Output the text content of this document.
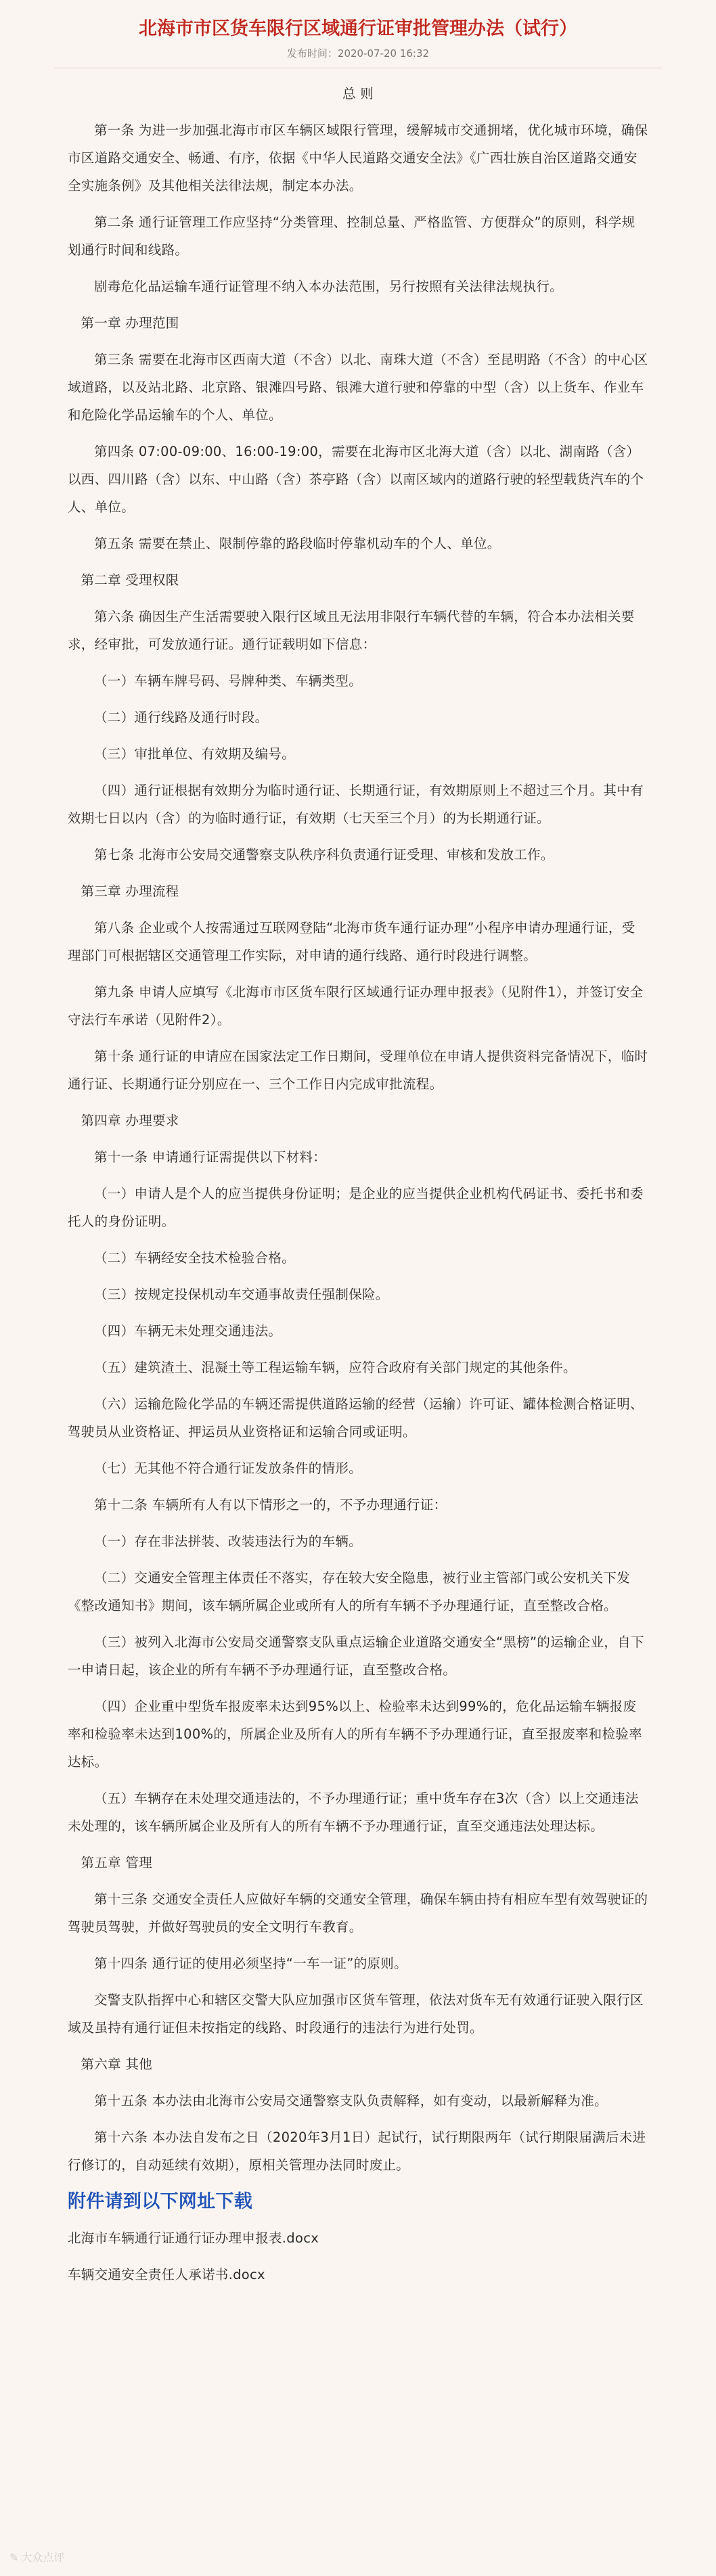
北海市市区货车限行区域通行证审批管理办法（试行）
发布时间：2020-07-20 16:32

总 则

第一条 为进一步加强北海市市区车辆区域限行管理，缓解城市交通拥堵，优化城市环境，确保市区道路交通安全、畅通、有序，依据《中华人民道路交通安全法》《广西壮族自治区道路交通安全实施条例》及其他相关法律法规，制定本办法。

第二条 通行证管理工作应坚持“分类管理、控制总量、严格监管、方便群众”的原则，科学规划通行时间和线路。

剧毒危化品运输车通行证管理不纳入本办法范围，另行按照有关法律法规执行。

第一章 办理范围

第三条 需要在北海市区西南大道（不含）以北、南珠大道（不含）至昆明路（不含）的中心区域道路，以及站北路、北京路、银滩四号路、银滩大道行驶和停靠的中型（含）以上货车、作业车和危险化学品运输车的个人、单位。

第四条 07:00-09:00、16:00-19:00，需要在北海市区北海大道（含）以北、湖南路（含）以西、四川路（含）以东、中山路（含）茶亭路（含）以南区域内的道路行驶的轻型载货汽车的个人、单位。

第五条 需要在禁止、限制停靠的路段临时停靠机动车的个人、单位。

第二章 受理权限

第六条 确因生产生活需要驶入限行区域且无法用非限行车辆代替的车辆，符合本办法相关要求，经审批，可发放通行证。通行证载明如下信息：

（一）车辆车牌号码、号牌种类、车辆类型。

（二）通行线路及通行时段。

（三）审批单位、有效期及编号。

（四）通行证根据有效期分为临时通行证、长期通行证，有效期原则上不超过三个月。其中有效期七日以内（含）的为临时通行证，有效期（七天至三个月）的为长期通行证。

第七条 北海市公安局交通警察支队秩序科负责通行证受理、审核和发放工作。

第三章 办理流程

第八条 企业或个人按需通过互联网登陆“北海市货车通行证办理”小程序申请办理通行证，受理部门可根据辖区交通管理工作实际，对申请的通行线路、通行时段进行调整。

第九条 申请人应填写《北海市市区货车限行区域通行证办理申报表》（见附件1），并签订安全守法行车承诺（见附件2）。

第十条 通行证的申请应在国家法定工作日期间，受理单位在申请人提供资料完备情况下，临时通行证、长期通行证分别应在一、三个工作日内完成审批流程。

第四章 办理要求

第十一条 申请通行证需提供以下材料：

（一）申请人是个人的应当提供身份证明；是企业的应当提供企业机构代码证书、委托书和委托人的身份证明。

（二）车辆经安全技术检验合格。

（三）按规定投保机动车交通事故责任强制保险。

（四）车辆无未处理交通违法。

（五）建筑渣土、混凝土等工程运输车辆，应符合政府有关部门规定的其他条件。

（六）运输危险化学品的车辆还需提供道路运输的经营（运输）许可证、罐体检测合格证明、驾驶员从业资格证、押运员从业资格证和运输合同或证明。

（七）无其他不符合通行证发放条件的情形。

第十二条 车辆所有人有以下情形之一的，不予办理通行证：

（一）存在非法拼装、改装违法行为的车辆。

（二）交通安全管理主体责任不落实，存在较大安全隐患，被行业主管部门或公安机关下发《整改通知书》期间，该车辆所属企业或所有人的所有车辆不予办理通行证，直至整改合格。

（三）被列入北海市公安局交通警察支队重点运输企业道路交通安全“黑榜”的运输企业，自下一申请日起，该企业的所有车辆不予办理通行证，直至整改合格。

（四）企业重中型货车报废率未达到95%以上、检验率未达到99%的，危化品运输车辆报废率和检验率未达到100%的，所属企业及所有人的所有车辆不予办理通行证，直至报废率和检验率达标。

（五）车辆存在未处理交通违法的，不予办理通行证；重中货车存在3次（含）以上交通违法未处理的，该车辆所属企业及所有人的所有车辆不予办理通行证，直至交通违法处理达标。

第五章 管理

第十三条 交通安全责任人应做好车辆的交通安全管理，确保车辆由持有相应车型有效驾驶证的驾驶员驾驶，并做好驾驶员的安全文明行车教育。

第十四条 通行证的使用必须坚持“一车一证”的原则。

交警支队指挥中心和辖区交警大队应加强市区货车管理，依法对货车无有效通行证驶入限行区域及虽持有通行证但未按指定的线路、时段通行的违法行为进行处罚。

第六章 其他

第十五条 本办法由北海市公安局交通警察支队负责解释，如有变动，以最新解释为准。

第十六条 本办法自发布之日（2020年3月1日）起试行，试行期限两年（试行期限届满后未进行修订的，自动延续有效期），原相关管理办法同时废止。

附件请到以下网址下载

北海市车辆通行证通行证办理申报表.docx

车辆交通安全责任人承诺书.docx

✎ 大众点评
